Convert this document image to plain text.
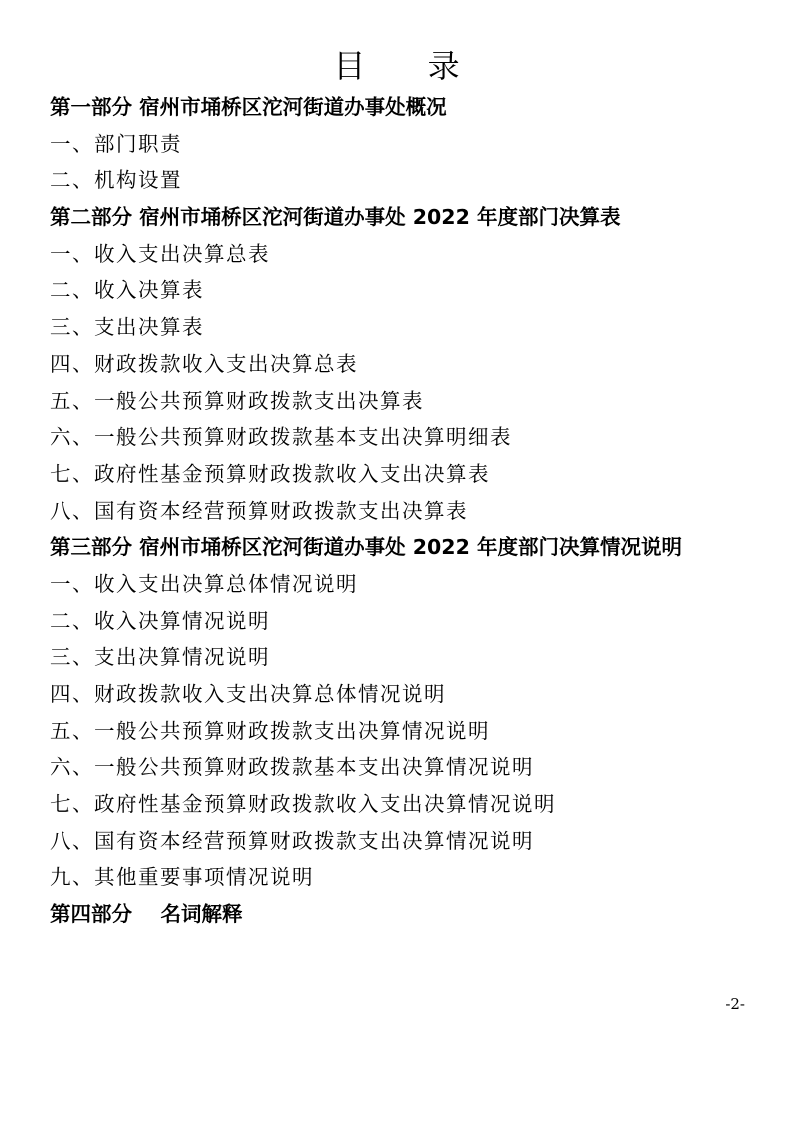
目 录
第一部分 宿州市埇桥区沱河街道办事处概况
一、部门职责
二、机构设置
第二部分 宿州市埇桥区沱河街道办事处 2022 年度部门决算表
一、收入支出决算总表
二、收入决算表
三、支出决算表
四、财政拨款收入支出决算总表
五、一般公共预算财政拨款支出决算表
六、一般公共预算财政拨款基本支出决算明细表
七、政府性基金预算财政拨款收入支出决算表
八、国有资本经营预算财政拨款支出决算表
第三部分 宿州市埇桥区沱河街道办事处 2022 年度部门决算情况说明
一、收入支出决算总体情况说明
二、收入决算情况说明
三、支出决算情况说明
四、财政拨款收入支出决算总体情况说明
五、一般公共预算财政拨款支出决算情况说明
六、一般公共预算财政拨款基本支出决算情况说明
七、政府性基金预算财政拨款收入支出决算情况说明
八、国有资本经营预算财政拨款支出决算情况说明
九、其他重要事项情况说明
第四部分    名词解释
-2-
